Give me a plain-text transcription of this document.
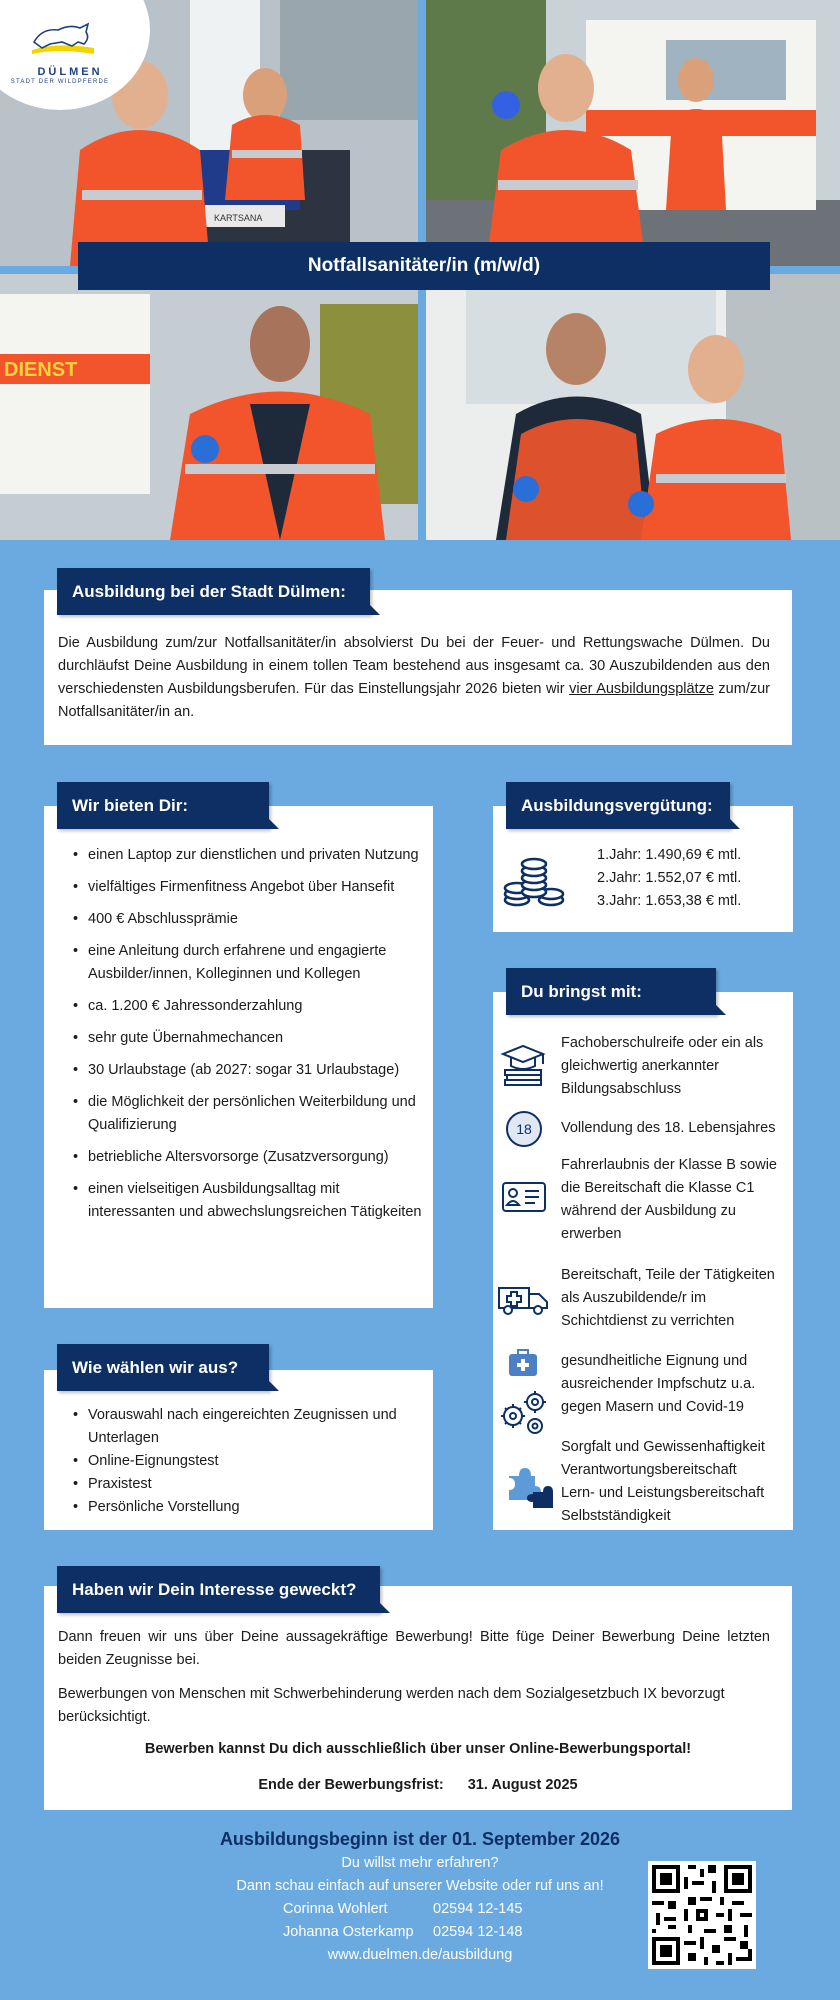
KARTSANA
DIENST
DÜLMEN
STADT DER WILDPFERDE
Notfallsanitäter/in (m/w/d)

Die Ausbildung zum/zur Notfallsanitäter/in absolvierst Du bei der Feuer- und Rettungswache Dülmen. Du durchläufst Deine Ausbildung in einem tollen Team bestehend aus insgesamt ca. 30 Auszubildenden aus den verschiedensten Ausbildungsberufen. Für das Einstellungsjahr 2026 bieten wir vier Ausbildungsplätze zum/zur Notfallsanitäter/in an.

Ausbildung bei der Stadt Dülmen:
• einen Laptop zur dienstlichen und privaten Nutzung
• vielfältiges Firmenfitness Angebot über Hansefit
• 400 € Abschlussprämie
• eine Anleitung durch erfahrene und engagierte Ausbilder/innen, Kolleginnen und Kollegen
• ca. 1.200 € Jahressonderzahlung
• sehr gute Übernahmechancen
• 30 Urlaubstage (ab 2027: sogar 31 Urlaubstage)
• die Möglichkeit der persönlichen Weiterbildung und Qualifizierung
• betriebliche Altersvorsorge (Zusatzversorgung)
• einen vielseitigen Ausbildungsalltag mit interessanten und abwechslungsreichen Tätigkeiten
Wir bieten Dir:
1.Jahr: 1.490,69 € mtl.
2.Jahr: 1.552,07 € mtl.
3.Jahr: 1.653,38 € mtl.
Ausbildungsvergütung:
Fachoberschulreife oder ein als gleichwertig anerkannter Bildungsabschluss
18 Vollendung des 18. Lebensjahres
Fahrerlaubnis der Klasse B sowie die Bereitschaft die Klasse C1 während der Ausbildung zu erwerben
Bereitschaft, Teile der Tätigkeiten als Auszubildende/r im Schichtdienst zu verrichten
gesundheitliche Eignung und ausreichender Impfschutz u.a. gegen Masern und Covid-19
Sorgfalt und Gewissenhaftigkeit
Verantwortungsbereitschaft
Lern- und Leistungsbereitschaft
Selbstständigkeit
Du bringst mit:
• Vorauswahl nach eingereichten Zeugnissen und Unterlagen
• Online-Eignungstest
• Praxistest
• Persönliche Vorstellung
Wie wählen wir aus?

Dann freuen wir uns über Deine aussagekräftige Bewerbung! Bitte füge Deiner Bewerbung Deine letzten beiden Zeugnisse bei.

Bewerbungen von Menschen mit Schwerbehinderung werden nach dem Sozialgesetzbuch IX bevorzugt berücksichtigt.

Bewerben kannst Du dich ausschließlich über unser Online-Bewerbungsportal!
Ende der Bewerbungsfrist: 31. August 2025
Haben wir Dein Interesse geweckt?
Ausbildungsbeginn ist der 01. September 2026
Du willst mehr erfahren?
Dann schau einfach auf unserer Website oder ruf uns an!
Corinna Wohlert	02594 12-145
Johanna Osterkamp 02594 12-148
www.duelmen.de/ausbildung
